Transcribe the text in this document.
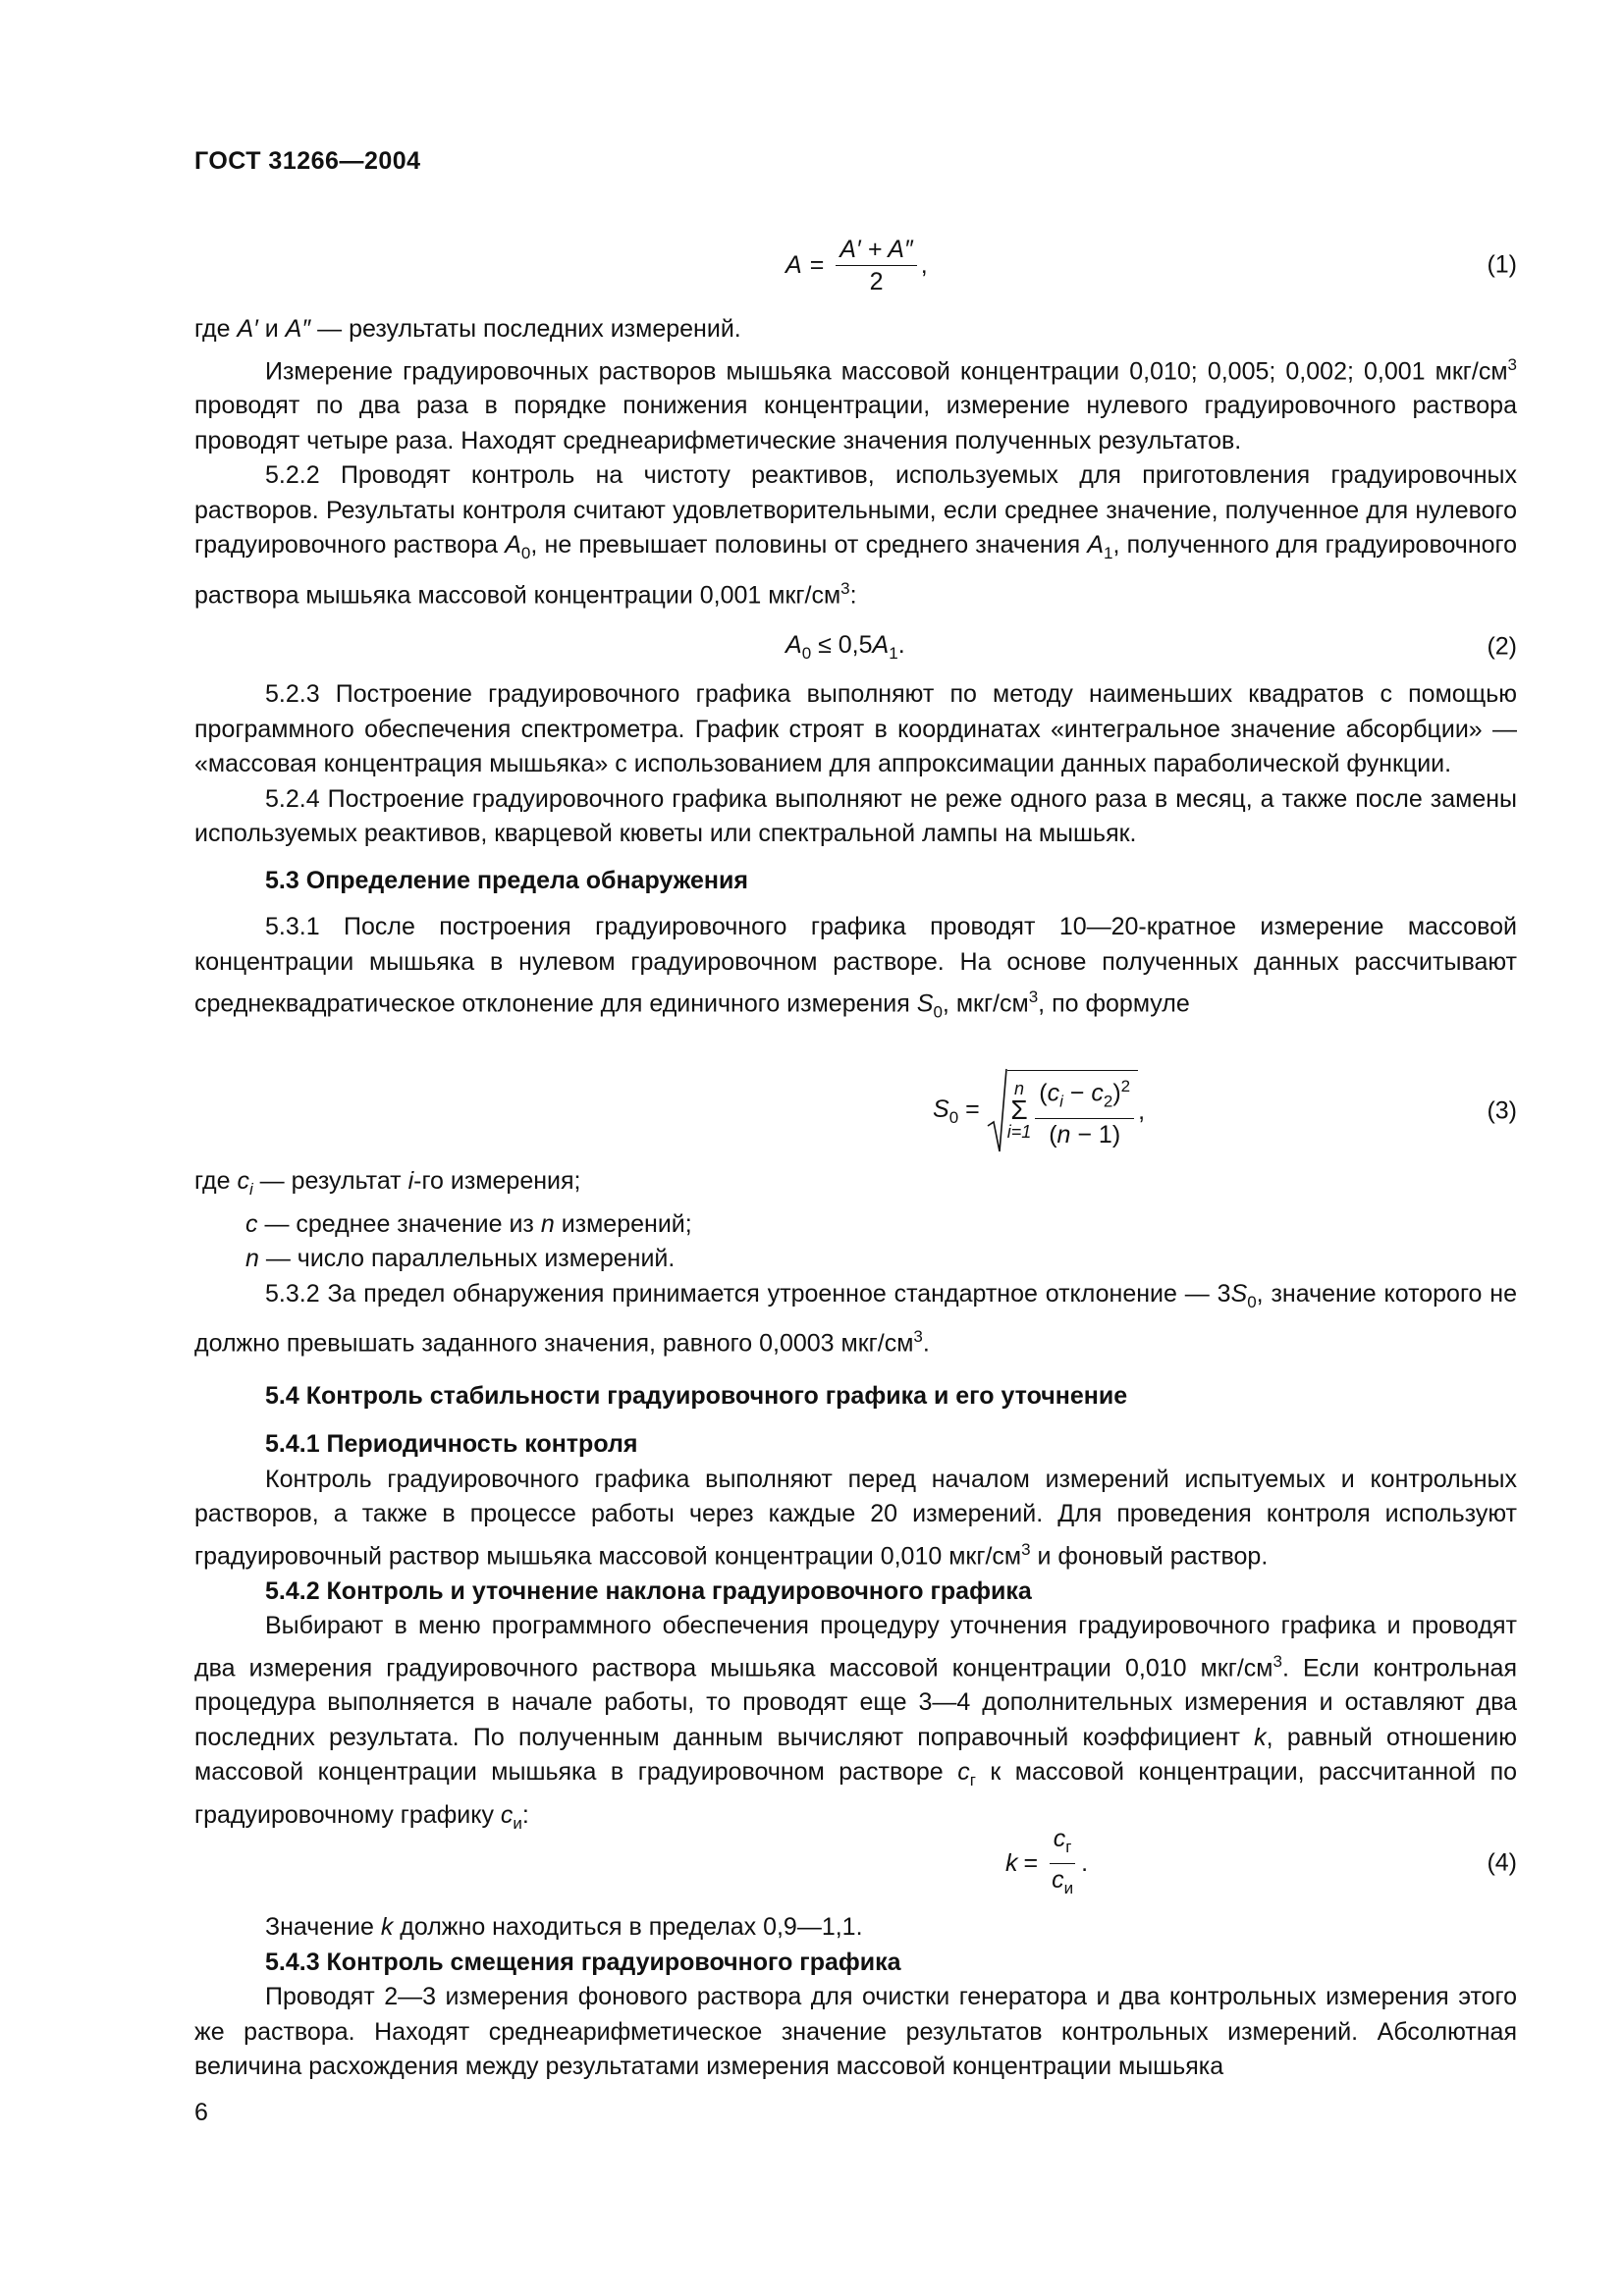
ГОСТ 31266—2004
$A = \frac{A' + A''}{2}$ ,	(1)

где A′ и A″ — результаты последних измерений.

Измерение градуировочных растворов мышьяка массовой концентрации 0,010; 0,005; 0,002; 0,001 мкг/$см^3$ проводят по два раза в порядке понижения концентрации, измерение нулевого градуировочного раствора проводят четыре раза. Находят среднеарифметические значения полученных результатов.

5.2.2 Проводят контроль на чистоту реактивов, используемых для приготовления градуировочных растворов. Результаты контроля считают удовлетворительными, если среднее значение, полученное для нулевого градуировочного раствора $A_0$, не превышает половины от среднего значения $A_1$, полученного для градуировочного раствора мышьяка массовой концентрации 0,001 мкг/$см^3$:

$A_0 \le 0,5A_1$.	(2)

5.2.3 Построение градуировочного графика выполняют по методу наименьших квадратов с помощью программного обеспечения спектрометра. График строят в координатах «интегральное значение абсорбции» — «массовая концентрация мышьяка» с использованием для аппроксимации данных параболической функции.

5.2.4 Построение градуировочного графика выполняют не реже одного раза в месяц, а также после замены используемых реактивов, кварцевой кюветы или спектральной лампы на мышьяк.

5.3 Определение предела обнаружения

5.3.1 После построения градуировочного графика проводят 10—20-кратное измерение массовой концентрации мышьяка в нулевом градуировочном растворе. На основе полученных данных рассчитывают среднеквадратическое отклонение для единичного измерения $S_0$, мкг/$см^3$, по формуле

$S_0$ =
n
Σ
$i=1 \frac{(c_i - c_2)^2}{(n - 1)}$ ,	(3)

где $c_i$ — результат i-го измерения;

c — среднее значение из n измерений;

n — число параллельных измерений.

5.3.2 За предел обнаружения принимается утроенное стандартное отклонение — $3S_0$, значение которого не должно превышать заданного значения, равного 0,0003 мкг/$см^3$.

5.4 Контроль стабильности градуировочного графика и его уточнение

5.4.1 Периодичность контроля

Контроль градуировочного графика выполняют перед началом измерений испытуемых и контрольных растворов, а также в процессе работы через каждые 20 измерений. Для проведения контроля используют градуировочный раствор мышьяка массовой концентрации 0,010 мкг/$см^3$ и фоновый раствор.

5.4.2 Контроль и уточнение наклона градуировочного графика

Выбирают в меню программного обеспечения процедуру уточнения градуировочного графика и проводят два измерения градуировочного раствора мышьяка массовой концентрации 0,010 мкг/$см^3$. Если контрольная процедура выполняется в начале работы, то проводят еще 3—4 дополнительных измерения и оставляют два последних результата. По полученным данным вычисляют поправочный коэффициент k, равный отношению массовой концентрации мышьяка в градуировочном растворе $c_г$ к массовой концентрации, рассчитанной по градуировочному графику $c_и$:

$k = \frac{c_г}{c_и}$ .	(4)

Значение k должно находиться в пределах 0,9—1,1.

5.4.3 Контроль смещения градуировочного графика

Проводят 2—3 измерения фонового раствора для очистки генератора и два контрольных измерения этого же раствора. Находят среднеарифметическое значение результатов контрольных измерений. Абсолютная величина расхождения между результатами измерения массовой концентрации мышьяка

6
